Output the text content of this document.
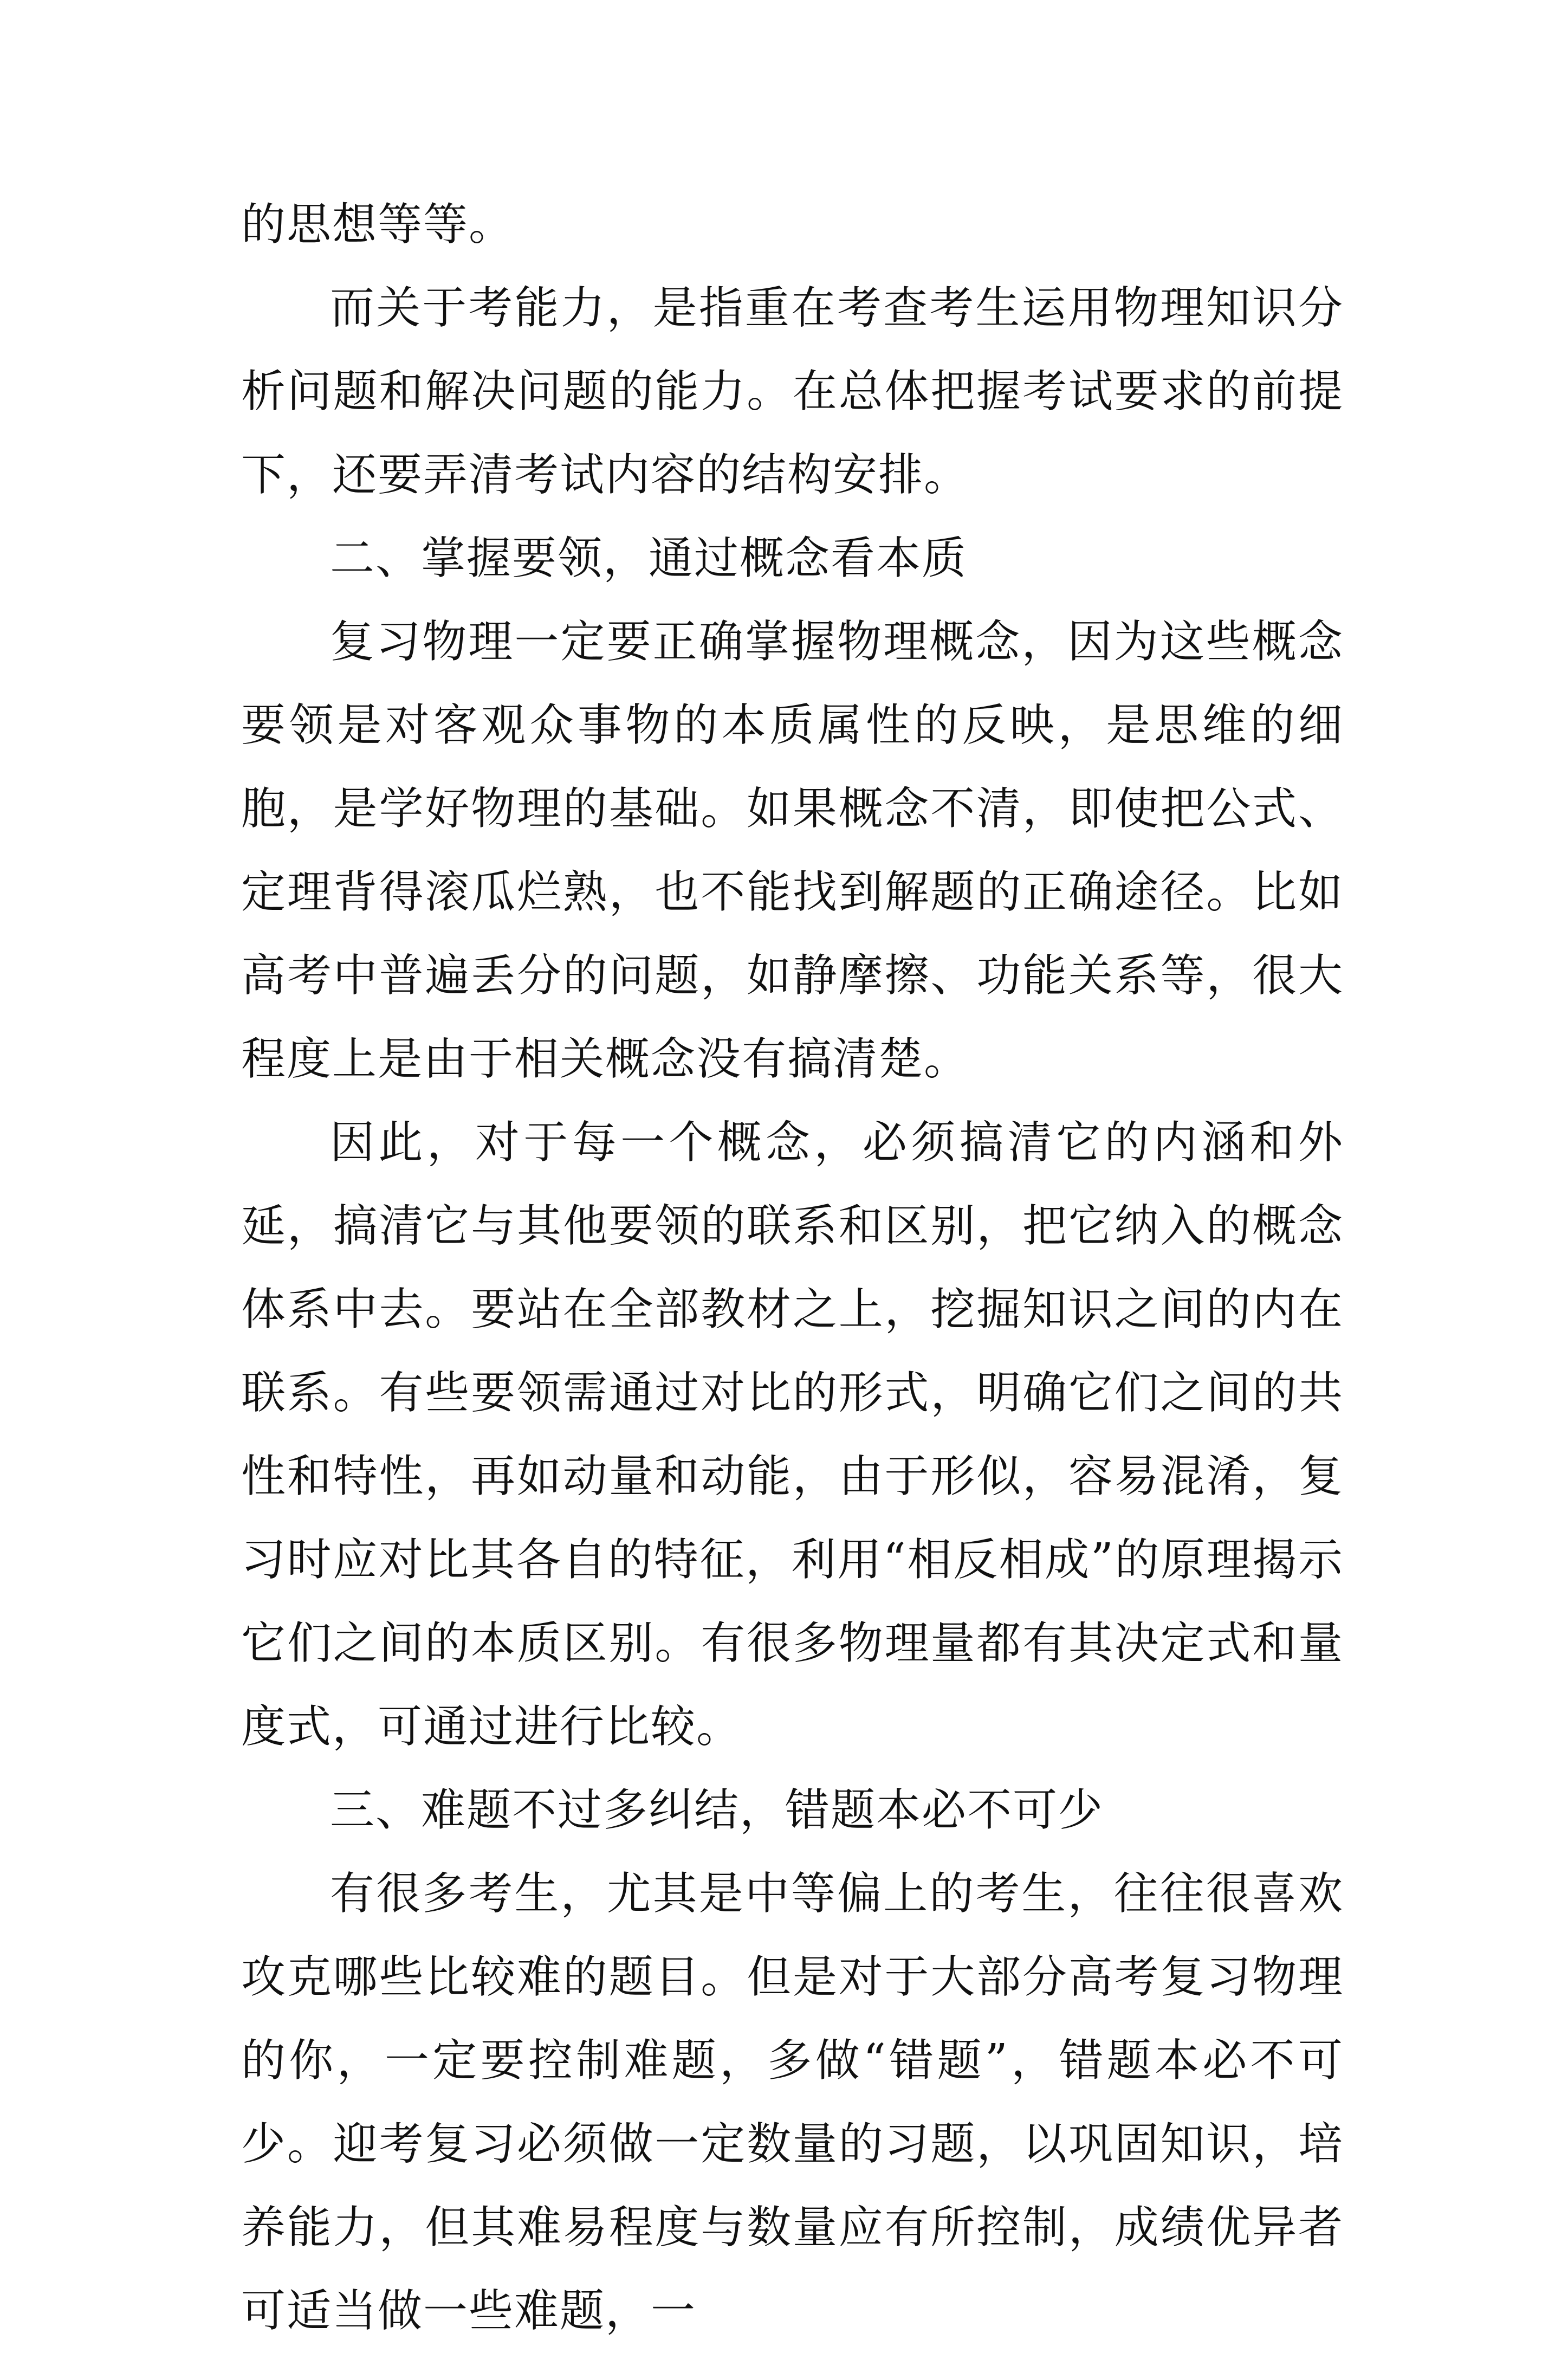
的思想等等。

而关于考能力，是指重在考查考生运用物理知识分析问题和解决问题的能力。在总体把握考试要求的前提下，还要弄清考试内容的结构安排。

二、掌握要领，通过概念看本质

复习物理一定要正确掌握物理概念，因为这些概念要领是对客观众事物的本质属性的反映，是思维的细胞，是学好物理的基础。如果概念不清，即使把公式、定理背得滚瓜烂熟，也不能找到解题的正确途径。比如高考中普遍丢分的问题，如静摩擦、功能关系等，很大程度上是由于相关概念没有搞清楚。

因此，对于每一个概念，必须搞清它的内涵和外延，搞清它与其他要领的联系和区别，把它纳入的概念体系中去。要站在全部教材之上，挖掘知识之间的内在联系。有些要领需通过对比的形式，明确它们之间的共性和特性，再如动量和动能，由于形似，容易混淆，复习时应对比其各自的特征，利用“相反相成”的原理揭示它们之间的本质区别。有很多物理量都有其决定式和量度式，可通过进行比较。

三、难题不过多纠结，错题本必不可少

有很多考生，尤其是中等偏上的考生，往往很喜欢攻克哪些比较难的题目。但是对于大部分高考复习物理的你，一定要控制难题，多做“错题”，错题本必不可少。迎考复习必须做一定数量的习题，以巩固知识，培养能力，但其难易程度与数量应有所控制，成绩优异者可适当做一些难题，一
